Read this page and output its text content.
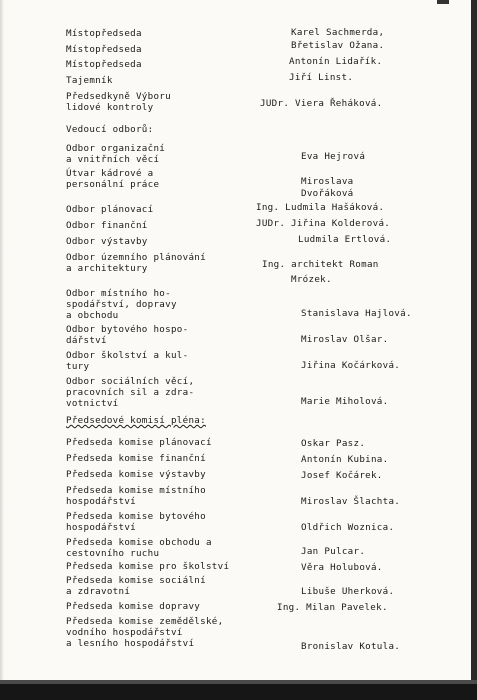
Místopředseda	Karel Sachmerda,
Místopředseda	Břetislav Ožana.
Místopředseda	Antonín Lidařík.
Tajemník	Jiří Linst.
Předsedkyně Výboru
lidové kontroly	JUDr. Viera Řeháková.
Vedoucí odborů:
Odbor organizační
a vnitřních věcí	Eva Hejrová
Útvar kádrové a
personální práce	Miroslava
Dvořáková
Odbor plánovací	Ing. Ludmila Hašáková.
Odbor finanční	JUDr. Jiřina Kolderová.
Odbor výstavby	Ludmila Ertlová.
Odbor územního plánování
a architektury	Ing. architekt Roman
Mrózek.
Odbor místního ho-
spodářství, dopravy
a obchodu	Stanislava Hajlová.
Odbor bytového hospo-
dářství	Miroslav Olšar.
Odbor školství a kul-
tury	Jiřina Kočárková.
Odbor sociálních věcí,
pracovních sil a zdra-
votnictví	Marie Miholová.
Předsedové komisí pléna:
Předseda komise plánovací	Oskar Pasz.
Předseda komise finanční	Antonín Kubina.
Předseda komise výstavby	Josef Kočárek.
Předseda komise místního
hospodářství	Miroslav Šlachta.
Předseda komise bytového
hospodářství	Oldřich Woznica.
Předseda komise obchodu a
cestovního ruchu	Jan Pulcar.
Předseda komise pro školství	Věra Holubová.
Předseda komise sociální
a zdravotní	Libuše Uherková.
Předseda komise dopravy	Ing. Milan Pavelek.
Předseda komise zemědělské,
vodního hospodářství
a lesního hospodářství	Bronislav Kotula.
